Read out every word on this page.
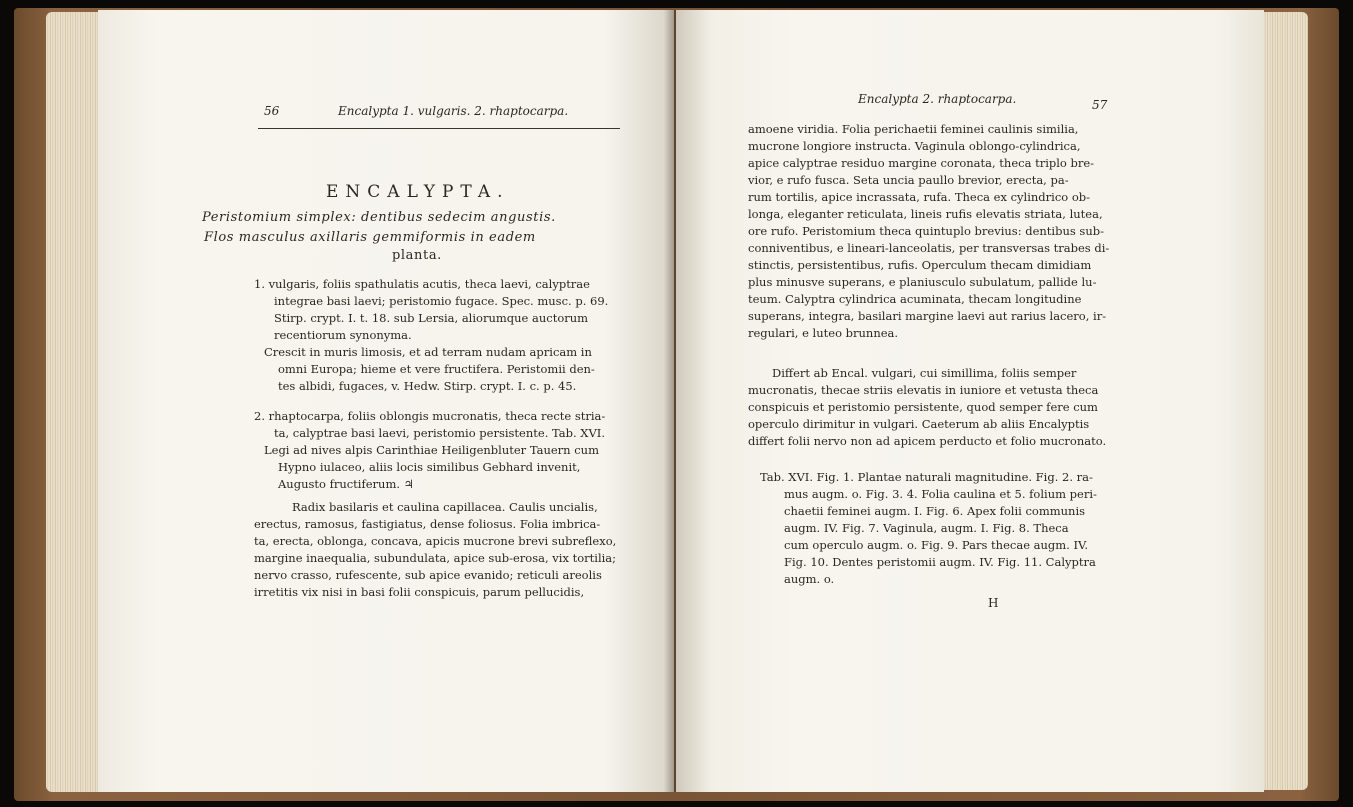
56	Encalypta 1. vulgaris. 2. rhaptocarpa.
ENCALYPTA.
Peristomium simplex: dentibus sedecim angustis.
Flos masculus axillaris gemmiformis in eadem
planta.
1. vulgaris, foliis spathulatis acutis, theca laevi, calyptrae
integrae basi laevi; peristomio fugace. Spec. musc. p. 69.
Stirp. crypt. I. t. 18. sub Lersia, aliorumque auctorum
recentiorum synonyma.
Crescit in muris limosis, et ad terram nudam apricam in
omni Europa; hieme et vere fructifera. Peristomii den-
tes albidi, fugaces, v. Hedw. Stirp. crypt. I. c. p. 45.
2. rhaptocarpa, foliis oblongis mucronatis, theca recte stria-
ta, calyptrae basi laevi, peristomio persistente. Tab. XVI.
Legi ad nives alpis Carinthiae Heiligenbluter Tauern cum
Hypno iulaceo, aliis locis similibus Gebhard invenit,
Augusto fructiferum. ♃
Radix basilaris et caulina capillacea. Caulis uncialis,
erectus, ramosus, fastigiatus, dense foliosus. Folia imbrica-
ta, erecta, oblonga, concava, apicis mucrone brevi subreflexo,
margine inaequalia, subundulata, apice sub-erosa, vix tortilia;
nervo crasso, rufescente, sub apice evanido; reticuli areolis
irretitis vix nisi in basi folii conspicuis, parum pellucidis,
Encalypta 2. rhaptocarpa.	57
amoene viridia. Folia perichaetii feminei caulinis similia,
mucrone longiore instructa. Vaginula oblongo-cylindrica,
apice calyptrae residuo margine coronata, theca triplo bre-
vior, e rufo fusca. Seta uncia paullo brevior, erecta, pa-
rum tortilis, apice incrassata, rufa. Theca ex cylindrico ob-
longa, eleganter reticulata, lineis rufis elevatis striata, lutea,
ore rufo. Peristomium theca quintuplo brevius: dentibus sub-
conniventibus, e lineari-lanceolatis, per transversas trabes di-
stinctis, persistentibus, rufis. Operculum thecam dimidiam
plus minusve superans, e planiusculo subulatum, pallide lu-
teum. Calyptra cylindrica acuminata, thecam longitudine
superans, integra, basilari margine laevi aut rarius lacero, ir-
regulari, e luteo brunnea.
Differt ab Encal. vulgari, cui simillima, foliis semper
mucronatis, thecae striis elevatis in iuniore et vetusta theca
conspicuis et peristomio persistente, quod semper fere cum
operculo dirimitur in vulgari. Caeterum ab aliis Encalyptis
differt folii nervo non ad apicem perducto et folio mucronato.
Tab. XVI. Fig. 1. Plantae naturali magnitudine. Fig. 2. ra-
mus augm. o. Fig. 3. 4. Folia caulina et 5. folium peri-
chaetii feminei augm. I. Fig. 6. Apex folii communis
augm. IV. Fig. 7. Vaginula, augm. I. Fig. 8. Theca
cum operculo augm. o. Fig. 9. Pars thecae augm. IV.
Fig. 10. Dentes peristomii augm. IV. Fig. 11. Calyptra
augm. o.
H
